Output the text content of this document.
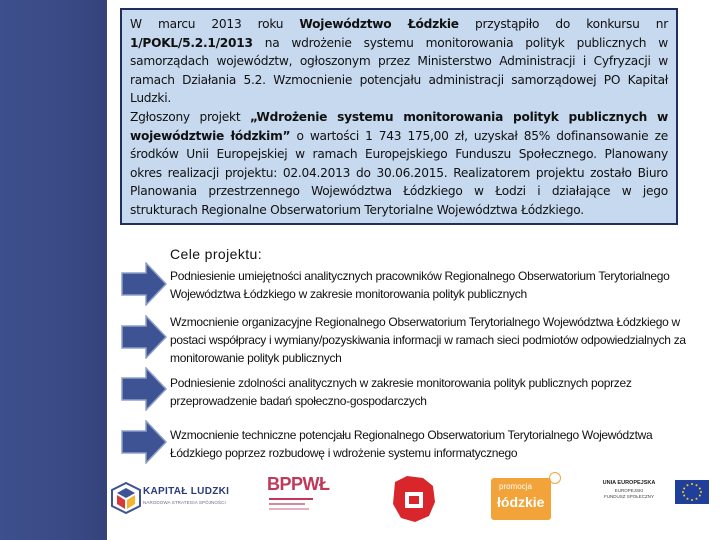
W marcu 2013 roku Województwo Łódzkie przystąpiło do konkursu nr 1/POKL/5.2.1/2013 na wdrożenie systemu monitorowania polityk publicznych w samorządach województw, ogłoszonym przez Ministerstwo Administracji i Cyfryzacji w ramach Działania 5.2. Wzmocnienie potencjału administracji samorządowej PO Kapitał Ludzki.
Zgłoszony projekt „Wdrożenie systemu monitorowania polityk publicznych w województwie łódzkim” o wartości 1 743 175,00 zł, uzyskał 85% dofinansowanie ze środków Unii Europejskiej w ramach Europejskiego Funduszu Społecznego. Planowany okres realizacji projektu: 02.04.2013 do 30.06.2015. Realizatorem projektu zostało Biuro Planowania przestrzennego Województwa Łódzkiego w Łodzi i działające w jego strukturach Regionalne Obserwatorium Terytorialne Województwa Łódzkiego.
Cele projektu:
Podniesienie umiejętności analitycznych pracowników Regionalnego Obserwatorium Terytorialnego Województwa Łódzkiego w zakresie monitorowania polityk publicznych
Wzmocnienie organizacyjne Regionalnego Obserwatorium Terytorialnego Województwa Łódzkiego w postaci współpracy i wymiany/pozyskiwania informacji w ramach sieci podmiotów odpowiedzialnych za monitorowanie polityk publicznych
Podniesienie zdolności analitycznych w zakresie monitorowania polityk publicznych poprzez przeprowadzenie badań społeczno-gospodarczych
Wzmocnienie techniczne potencjału Regionalnego Obserwatorium Terytorialnego Województwa Łódzkiego poprzez rozbudowę i wdrożenie systemu informatycznego
KAPITAŁ LUDZKI
NARODOWA STRATEGIA SPÓJNOŚCI
BPPWŁ	promocja
łódzkie
UNIA EUROPEJSKA
EUROPEJSKI
FUNDUSZ SPOŁECZNY
